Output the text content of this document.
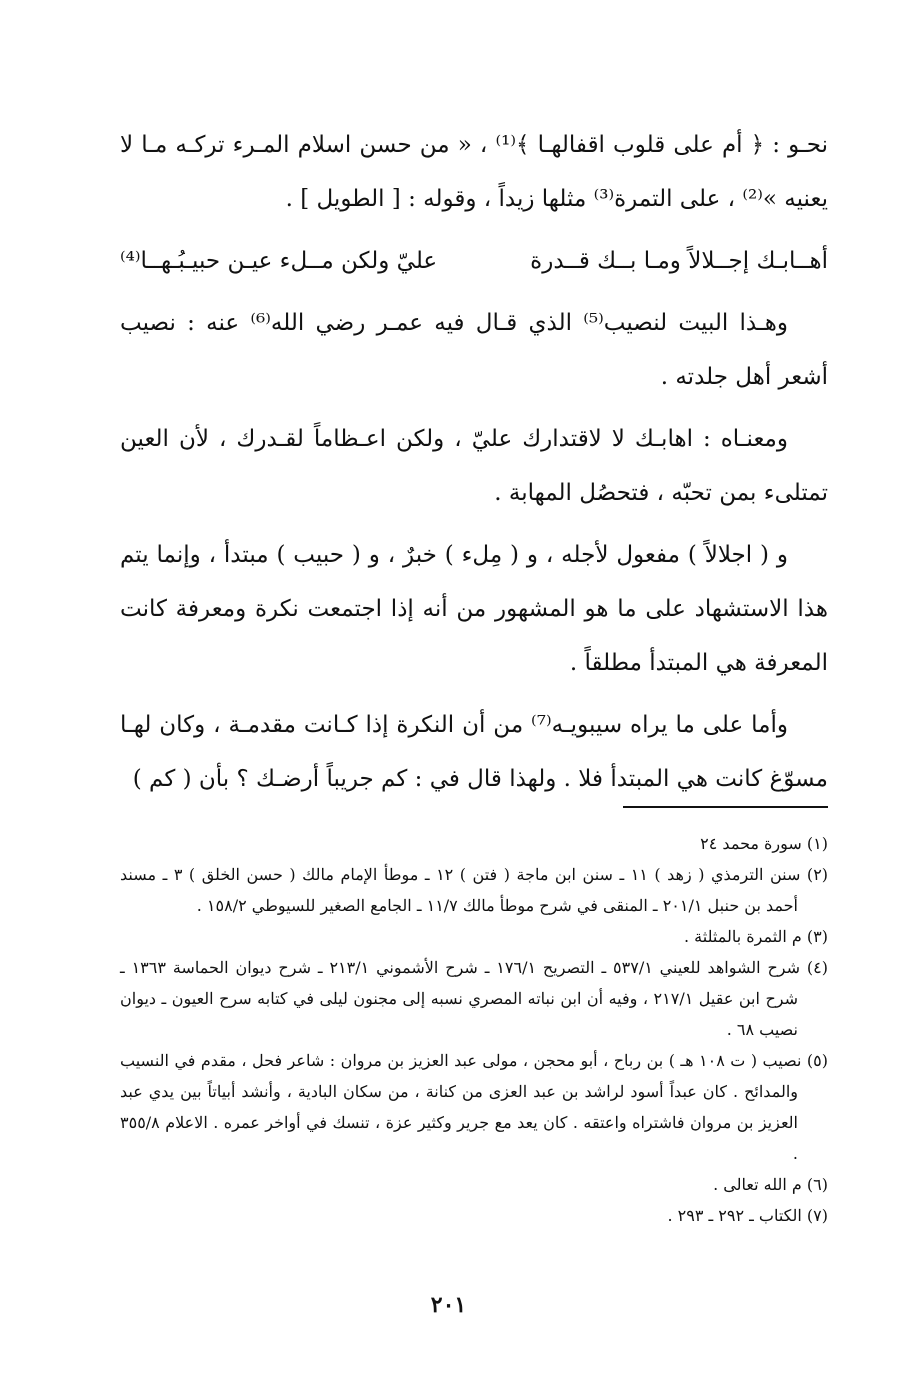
نحـو : ﴿ أم على قلوب اقفالهـا ﴾⁽¹⁾ ، « من حسن اسلام المـرء تركـه مـا لا يعنيه »⁽²⁾ ، على التمرة⁽³⁾ مثلها زيداً ، وقوله : [ الطويل ] .

أهــابـك إجــلالاً ومـا بــك قــدرة
عليّ ولكن مــلء عيـن حبيـبُـهــا⁽⁴⁾

وهـذا البيت لنصيب⁽⁵⁾ الذي قـال فيه عمـر رضي الله⁽⁶⁾ عنه : نصيب أشعر أهل جلدته .

ومعنـاه : اهابـك لا لاقتدارك عليّ ، ولكن اعـظاماً لقـدرك ، لأن العين تمتلىء بمن تحبّه ، فتحصُل المهابة .

و ( اجلالاً ) مفعول لأجله ، و ( مِلء ) خبرٌ ، و ( حبيب ) مبتدأ ، وإنما يتم هذا الاستشهاد على ما هو المشهور من أنه إذا اجتمعت نكرة ومعرفة كانت المعرفة هي المبتدأ مطلقاً .

وأما على ما يراه سيبويـه⁽⁷⁾ من أن النكرة إذا كـانت مقدمـة ، وكان لهـا مسوّغ كانت هي المبتدأ فلا . ولهذا قال في : كم جريباً أرضـك ؟ بأن ( كم )

(١) سورة محمد ٢٤

(٢) سنن الترمذي ( زهد ) ١١ ـ سنن ابن ماجة ( فتن ) ١٢ ـ موطأ الإمام مالك ( حسن الخلق ) ٣ ـ مسند أحمد بن حنبل ٢٠١/١ ـ المنقى في شرح موطأ مالك ١١/٧ ـ الجامع الصغير للسيوطي ١٥٨/٢ .

(٣) م الثمرة بالمثلثة .

(٤) شرح الشواهد للعيني ٥٣٧/١ ـ التصريح ١٧٦/١ ـ شرح الأشموني ٢١٣/١ ـ شرح ديوان الحماسة ١٣٦٣ ـ شرح ابن عقيل ٢١٧/١ ، وفيه أن ابن نباته المصري نسبه إلى مجنون ليلى في كتابه سرح العيون ـ ديوان نصيب ٦٨ .

(٥) نصيب ( ت ١٠٨ هـ ) بن رباح ، أبو محجن ، مولى عبد العزيز بن مروان : شاعر فحل ، مقدم في النسيب والمدائح . كان عبداً أسود لراشد بن عبد العزى من كنانة ، من سكان البادية ، وأنشد أبياتاً بين يدي عبد العزيز بن مروان فاشتراه واعتقه . كان يعد مع جرير وكثير عزة ، تنسك في أواخر عمره . الاعلام ٣٥٥/٨ .

(٦) م الله تعالى .

(٧) الكتاب ـ ٢٩٢ ـ ٢٩٣ .

٢٠١
